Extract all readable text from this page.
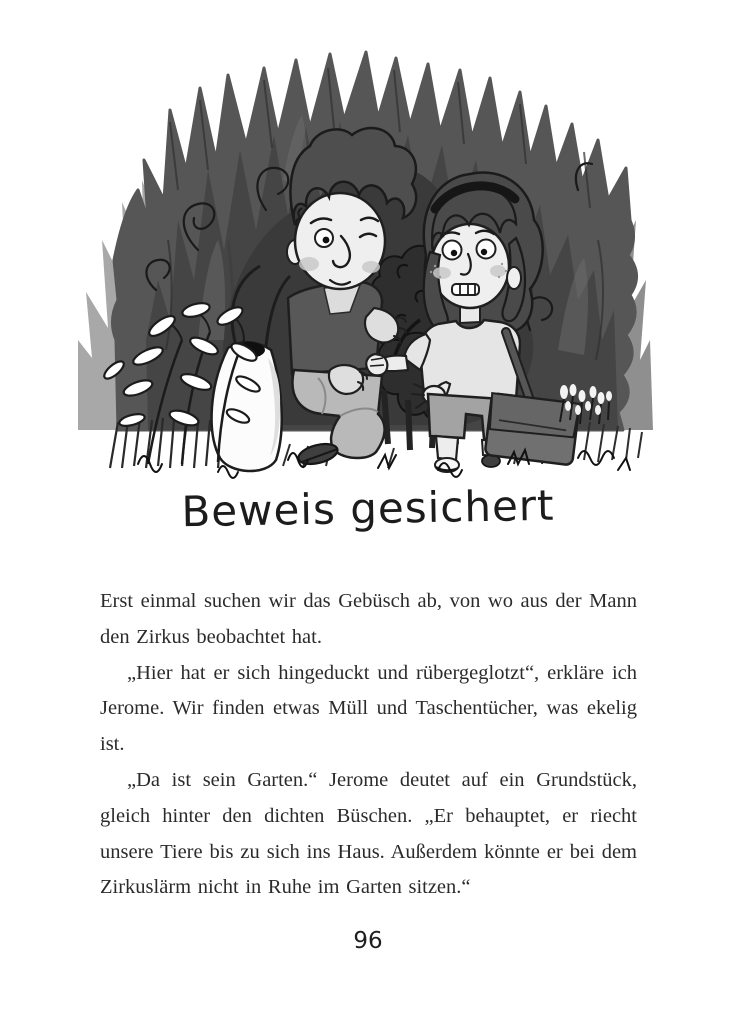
Beweis gesichert

Erst einmal suchen wir das Gebüsch ab, von wo aus der Mann den Zirkus beobachtet hat.

„Hier hat er sich hingeduckt und rübergeglotzt“, erkläre ich Jerome. Wir finden etwas Müll und Taschentücher, was ekelig ist.

„Da ist sein Garten.“ Jerome deutet auf ein Grundstück, gleich hinter den dichten Büschen. „Er behauptet, er riecht unsere Tiere bis zu sich ins Haus. Außerdem könnte er bei dem Zirkuslärm nicht in Ruhe im Garten sitzen.“

96
